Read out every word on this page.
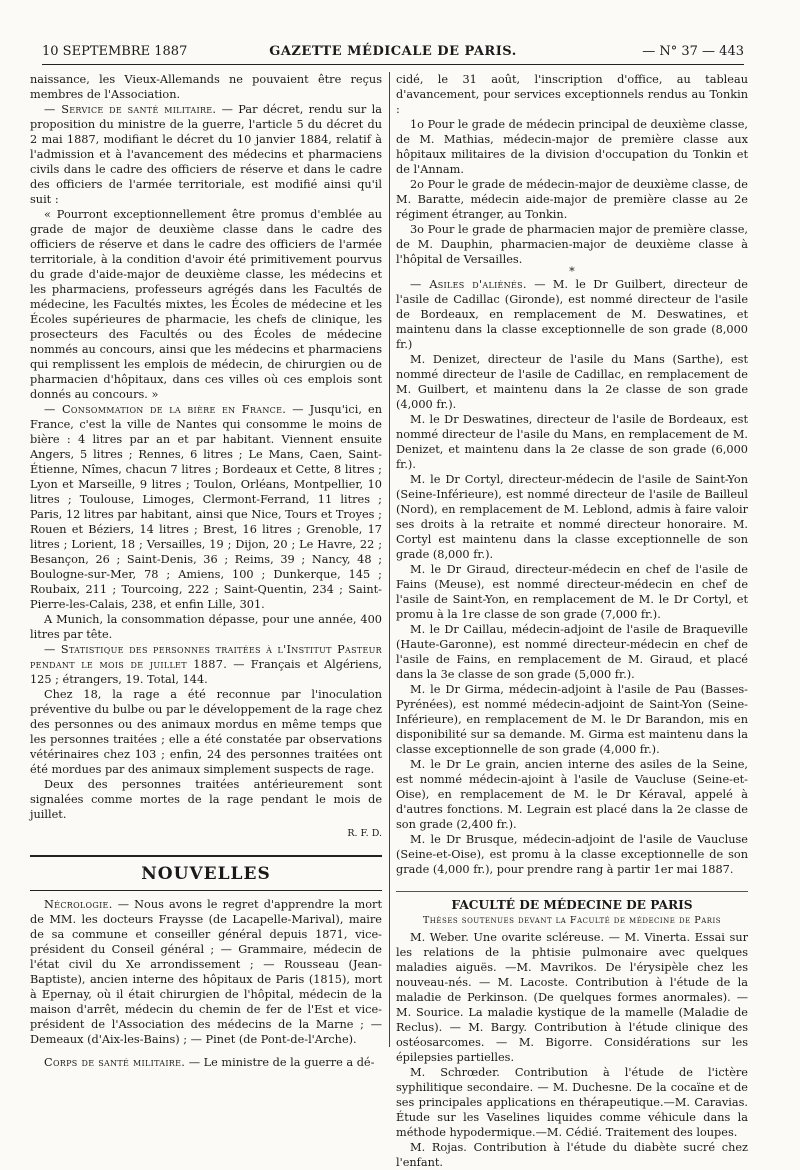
10 SEPTEMBRE 1887	GAZETTE MÉDICALE DE PARIS.	— N° 37 — 443

naissance, les Vieux-Allemands ne pouvaient être reçus membres de l'Association.

— Service de santé militaire. — Par décret, rendu sur la proposition du ministre de la guerre, l'article 5 du décret du 2 mai 1887, modifiant le décret du 10 janvier 1884, relatif à l'admission et à l'avancement des médecins et pharmaciens civils dans le cadre des officiers de réserve et dans le cadre des officiers de l'armée territoriale, est modifié ainsi qu'il suit :

« Pourront exceptionnellement être promus d'emblée au grade de major de deuxième classe dans le cadre des officiers de réserve et dans le cadre des officiers de l'armée territoriale, à la condition d'avoir été primitivement pourvus du grade d'aide-major de deuxième classe, les médecins et les pharmaciens, professeurs agrégés dans les Facultés de médecine, les Facultés mixtes, les Écoles de médecine et les Écoles supérieures de pharmacie, les chefs de clinique, les prosecteurs des Facultés ou des Écoles de médecine nommés au concours, ainsi que les médecins et pharmaciens qui remplissent les emplois de médecin, de chirurgien ou de pharmacien d'hôpitaux, dans ces villes où ces emplois sont donnés au concours. »

— Consommation de la bière en France. — Jusqu'ici, en France, c'est la ville de Nantes qui consomme le moins de bière : 4 litres par an et par habitant. Viennent ensuite Angers, 5 litres ; Rennes, 6 litres ; Le Mans, Caen, Saint-Étienne, Nîmes, chacun 7 litres ; Bordeaux et Cette, 8 litres ; Lyon et Marseille, 9 litres ; Toulon, Orléans, Montpellier, 10 litres ; Toulouse, Limoges, Clermont-Ferrand, 11 litres ; Paris, 12 litres par habitant, ainsi que Nice, Tours et Troyes ; Rouen et Béziers, 14 litres ; Brest, 16 litres ; Grenoble, 17 litres ; Lorient, 18 ; Versailles, 19 ; Dijon, 20 ; Le Havre, 22 ; Besançon, 26 ; Saint-Denis, 36 ; Reims, 39 ; Nancy, 48 ; Boulogne-sur-Mer, 78 ; Amiens, 100 ; Dunkerque, 145 ; Roubaix, 211 ; Tourcoing, 222 ; Saint-Quentin, 234 ; Saint-Pierre-les-Calais, 238, et enfin Lille, 301.

A Munich, la consommation dépasse, pour une année, 400 litres par tête.

— Statistique des personnes traitées à l'Institut Pasteur pendant le mois de juillet 1887. — Français et Algériens, 125 ; étrangers, 19. Total, 144.

Chez 18, la rage a été reconnue par l'inoculation préventive du bulbe ou par le développement de la rage chez des personnes ou des animaux mordus en même temps que les personnes traitées ; elle a été constatée par observations vétérinaires chez 103 ; enfin, 24 des personnes traitées ont été mordues par des animaux simplement suspects de rage.

Deux des personnes traitées antérieurement sont signalées comme mortes de la rage pendant le mois de juillet.

R. F. D.
NOUVELLES

Nécrologie. — Nous avons le regret d'apprendre la mort de MM. les docteurs Fraysse (de Lacapelle-Marival), maire de sa commune et conseiller général depuis 1871, vice-président du Conseil général ; — Grammaire, médecin de l'état civil du Xe arrondissement ; — Rousseau (Jean-Baptiste), ancien interne des hôpitaux de Paris (1815), mort à Epernay, où il était chirurgien de l'hôpital, médecin de la maison d'arrêt, médecin du chemin de fer de l'Est et vice-président de l'Association des médecins de la Marne ; — Demeaux (d'Aix-les-Bains) ; — Pinet (de Pont-de-l'Arche).

Corps de santé militaire. — Le ministre de la guerre a dé-

cidé, le 31 août, l'inscription d'office, au tableau d'avancement, pour services exceptionnels rendus au Tonkin :

1o Pour le grade de médecin principal de deuxième classe, de M. Mathias, médecin-major de première classe aux hôpitaux militaires de la division d'occupation du Tonkin et de l'Annam.

2o Pour le grade de médecin-major de deuxième classe, de M. Baratte, médecin aide-major de première classe au 2e régiment étranger, au Tonkin.

3o Pour le grade de pharmacien major de première classe, de M. Dauphin, pharmacien-major de deuxième classe à l'hôpital de Versailles.

*

— Asiles d'aliénés. — M. le Dr Guilbert, directeur de l'asile de Cadillac (Gironde), est nommé directeur de l'asile de Bordeaux, en remplacement de M. Deswatines, et maintenu dans la classe exceptionnelle de son grade (8,000 fr.)

M. Denizet, directeur de l'asile du Mans (Sarthe), est nommé directeur de l'asile de Cadillac, en remplacement de M. Guilbert, et maintenu dans la 2e classe de son grade (4,000 fr.).

M. le Dr Deswatines, directeur de l'asile de Bordeaux, est nommé directeur de l'asile du Mans, en remplacement de M. Denizet, et maintenu dans la 2e classe de son grade (6,000 fr.).

M. le Dr Cortyl, directeur-médecin de l'asile de Saint-Yon (Seine-Inférieure), est nommé directeur de l'asile de Bailleul (Nord), en remplacement de M. Leblond, admis à faire valoir ses droits à la retraite et nommé directeur honoraire. M. Cortyl est maintenu dans la classe exceptionnelle de son grade (8,000 fr.).

M. le Dr Giraud, directeur-médecin en chef de l'asile de Fains (Meuse), est nommé directeur-médecin en chef de l'asile de Saint-Yon, en remplacement de M. le Dr Cortyl, et promu à la 1re classe de son grade (7,000 fr.).

M. le Dr Caillau, médecin-adjoint de l'asile de Braqueville (Haute-Garonne), est nommé directeur-médecin en chef de l'asile de Fains, en remplacement de M. Giraud, et placé dans la 3e classe de son grade (5,000 fr.).

M. le Dr Girma, médecin-adjoint à l'asile de Pau (Basses-Pyrénées), est nommé médecin-adjoint de Saint-Yon (Seine-Inférieure), en remplacement de M. le Dr Barandon, mis en disponibilité sur sa demande. M. Girma est maintenu dans la classe exceptionnelle de son grade (4,000 fr.).

M. le Dr Le grain, ancien interne des asiles de la Seine, est nommé médecin-ajoint à l'asile de Vaucluse (Seine-et-Oise), en remplacement de M. le Dr Kéraval, appelé à d'autres fonctions. M. Legrain est placé dans la 2e classe de son grade (2,400 fr.).

M. le Dr Brusque, médecin-adjoint de l'asile de Vaucluse (Seine-et-Oise), est promu à la classe exceptionnelle de son grade (4,000 fr.), pour prendre rang à partir 1er mai 1887.

FACULTÉ DE MÉDECINE DE PARIS
Thèses soutenues devant la Faculté de médecine de Paris

M. Weber. Une ovarite scléreuse. — M. Vinerta. Essai sur les relations de la phtisie pulmonaire avec quelques maladies aiguës. —M. Mavrikos. De l'érysipèle chez les nouveau-nés. — M. Lacoste. Contribution à l'étude de la maladie de Perkinson. (De quelques formes anormales). — M. Sourice. La maladie kystique de la mamelle (Maladie de Reclus). — M. Bargy. Contribution à l'étude clinique des ostéosarcomes. — M. Bigorre. Considérations sur les épilepsies partielles.

M. Schrœder. Contribution à l'étude de l'ictère syphilitique secondaire. — M. Duchesne. De la cocaïne et de ses principales applications en thérapeutique.—M. Caravias. Étude sur les Vaselines liquides comme véhicule dans la méthode hypodermique.—M. Cédié. Traitement des loupes.

M. Rojas. Contribution à l'étude du diabète sucré chez l'enfant.
